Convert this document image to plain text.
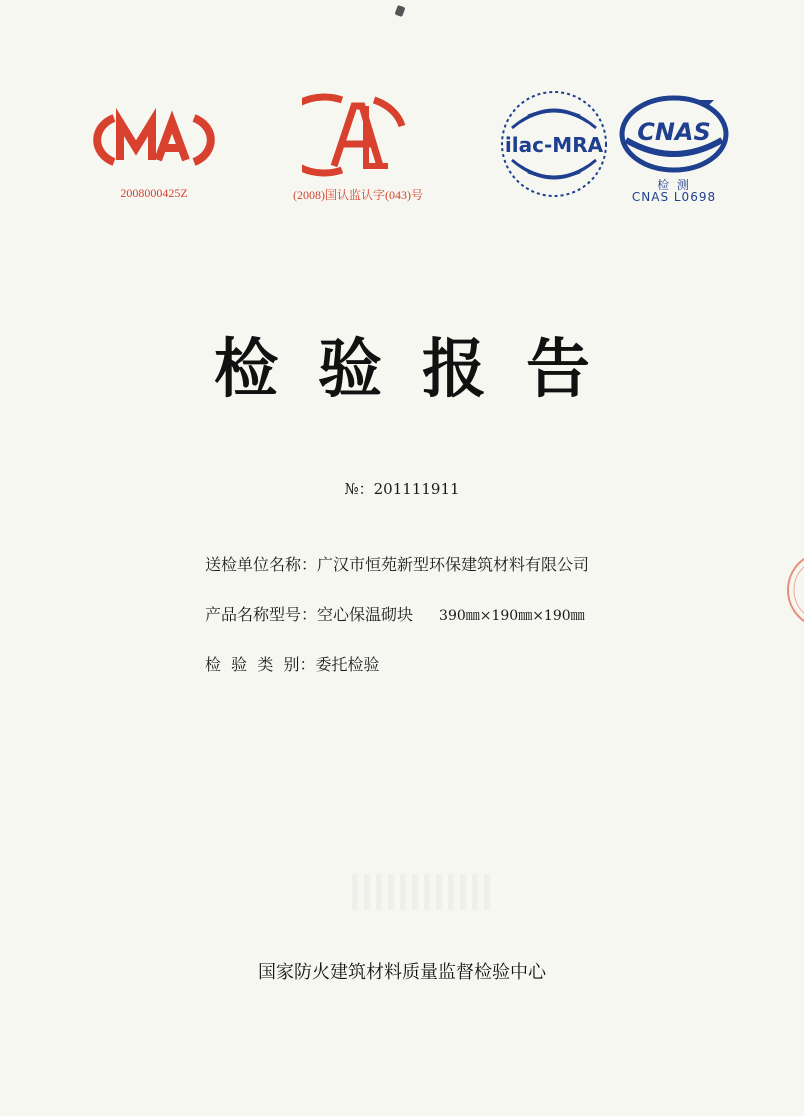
2008000425Z	(2008)国认监认字(043)号
ilac-MRA CNAS
检 测
CNAS L0698
检验报告
№：201111911
送检单位名称：广汉市恒苑新型环保建筑材料有限公司
产品名称型号：空心保温砌块 390㎜×190㎜×190㎜
检  验  类  别：委托检验
国家防火建筑材料质量监督检验中心
